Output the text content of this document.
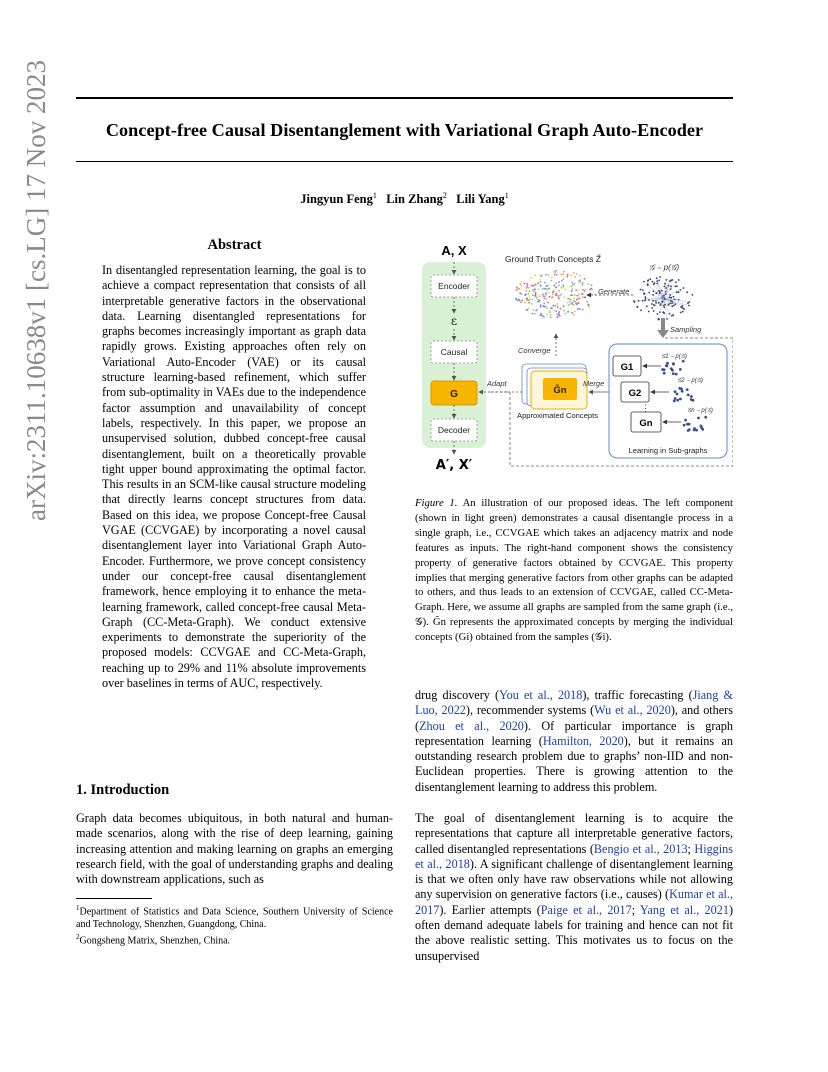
arXiv:2311.10638v1 [cs.LG] 17 Nov 2023	Concept-free Causal Disentanglement with Variational Graph Auto-Encoder
Jingyun Feng$^1$ Lin Zhang$^2$ Lili Yang$^1$
Abstract

In disentangled representation learning, the goal is to achieve a compact representation that consists of all interpretable generative factors in the observational data. Learning disentangled representations for graphs becomes increasingly important as graph data rapidly grows. Existing approaches often rely on Variational Auto-Encoder (VAE) or its causal structure learning-based refinement, which suffer from sub-optimality in VAEs due to the independence factor assumption and unavailability of concept labels, respectively. In this paper, we propose an unsupervised solution, dubbed concept-free causal disentanglement, built on a theoretically provable tight upper bound approximating the optimal factor. This results in an SCM-like causal structure modeling that directly learns concept structures from data. Based on this idea, we propose Concept-free Causal VGAE (CCVGAE) by incorporating a novel causal disentanglement layer into Variational Graph Auto-Encoder. Furthermore, we prove concept consistency under our concept-free causal disentanglement framework, hence employing it to enhance the meta-learning framework, called concept-free causal Meta-Graph (CC-Meta-Graph). We conduct extensive experiments to demonstrate the superiority of the proposed models: CCVGAE and CC-Meta-Graph, reaching up to 29% and 11% absolute improvements over baselines in terms of AUC, respectively.

1. Introduction

Graph data becomes ubiquitous, in both natural and human-made scenarios, along with the rise of deep learning, gaining increasing attention and making learning on graphs an emerging research field, with the goal of understanding graphs and dealing with downstream applications, such as

$^1$Department of Statistics and Data Science, Southern University of Science and Technology, Shenzhen, Guangdong, China.

$^2$Gongsheng Matrix, Shenzhen, China.

A, X
A′, X′
Encoder
ε
Causal
G
Decoder
Ground Truth Concepts Z̃
𝒢 ∼ p(𝒢)
Generate
Sampling
Converge
G̃n
Approximated Concepts
Adapt	Merge
G1
G2
Gn
⋮
𝒢1 ∼ p(𝒢)
𝒢2 ∼ p(𝒢)
𝒢n ∼ p(𝒢)
Learning in Sub-graphs

Figure 1. An illustration of our proposed ideas. The left component (shown in light green) demonstrates a causal disentangle process in a single graph, i.e., CCVGAE which takes an adjacency matrix and node features as inputs. The right-hand component shows the consistency property of generative factors obtained by CCVGAE. This property implies that merging generative factors from other graphs can be adapted to others, and thus leads to an extension of CCVGAE, called CC-Meta-Graph. Here, we assume all graphs are sampled from the same graph (i.e., 𝒢). G̃n represents the approximated concepts by merging the individual concepts (Gi) obtained from the samples (𝒢i).

drug discovery (You et al., 2018), traffic forecasting (Jiang & Luo, 2022), recommender systems (Wu et al., 2020), and others (Zhou et al., 2020). Of particular importance is graph representation learning (Hamilton, 2020), but it remains an outstanding research problem due to graphs’ non-IID and non-Euclidean properties. There is growing attention to the disentanglement learning to address this problem.

The goal of disentanglement learning is to acquire the representations that capture all interpretable generative factors, called disentangled representations (Bengio et al., 2013; Higgins et al., 2018). A significant challenge of disentanglement learning is that we often only have raw observations while not allowing any supervision on generative factors (i.e., causes) (Kumar et al., 2017). Earlier attempts (Paige et al., 2017; Yang et al., 2021) often demand adequate labels for training and hence can not fit the above realistic setting. This motivates us to focus on the unsupervised
